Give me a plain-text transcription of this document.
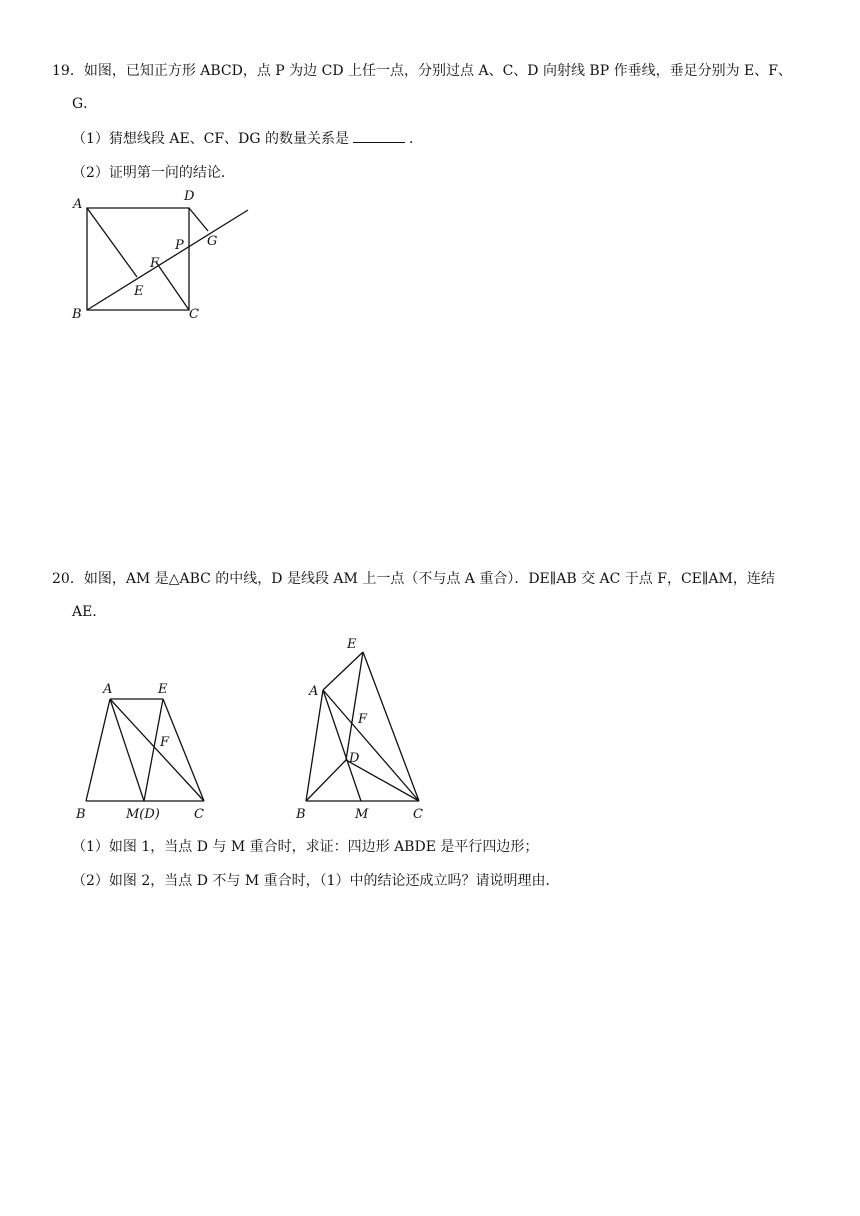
19．如图，已知正方形 ABCD，点 P 为边 CD 上任一点，分别过点 A、C、D 向射线 BP 作垂线，垂足分别为 E、F、
G．
（1）猜想线段 AE、CF、DG 的数量关系是	．
（2）证明第一问的结论．
A
D
P G
F
E
B	C
20．如图，AM 是△ABC 的中线，D 是线段 AM 上一点（不与点 A 重合）．DE∥AB 交 AC 于点 F，CE∥AM，连结
AE．
A	E
F
B	M(D)	C
E
A
F
D
B	M	C
（1）如图 1，当点 D 与 M 重合时，求证：四边形 ABDE 是平行四边形；
（2）如图 2，当点 D 不与 M 重合时，（1）中的结论还成立吗？请说明理由．
